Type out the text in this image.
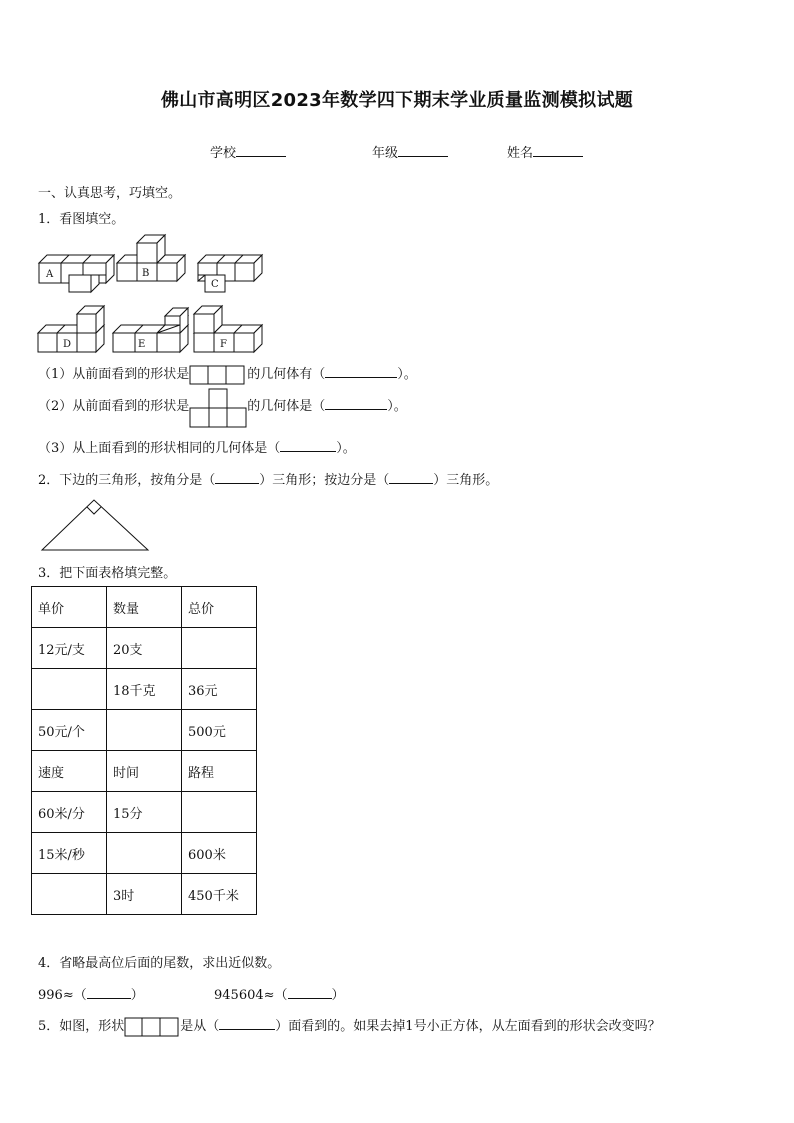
佛山市高明区2023年数学四下期末学业质量监测模拟试题
学校	年级	姓名
一、认真思考，巧填空。
1．看图填空。
A	B
C
D	E	F
（1）从前面看到的形状是	的几何体有（	）。
（2）从前面看到的形状是	的几何体是（	）。
（3）从上面看到的形状相同的几何体是（	）。
2．下边的三角形，按角分是（	）三角形；按边分是（	）三角形。
3．把下面表格填完整。
单价	数量	总价
12元/支	20支	
	18千克	36元
50元/个		500元
速度	时间	路程
60米/分	15分	
15米/秒		600米
	3时	450千米
4．省略最高位后面的尾数，求出近似数。
996≈（	）	945604≈（	）
5．如图，形状	是从（	）面看到的。如果去掉1号小正方体，从左面看到的形状会改变吗？
